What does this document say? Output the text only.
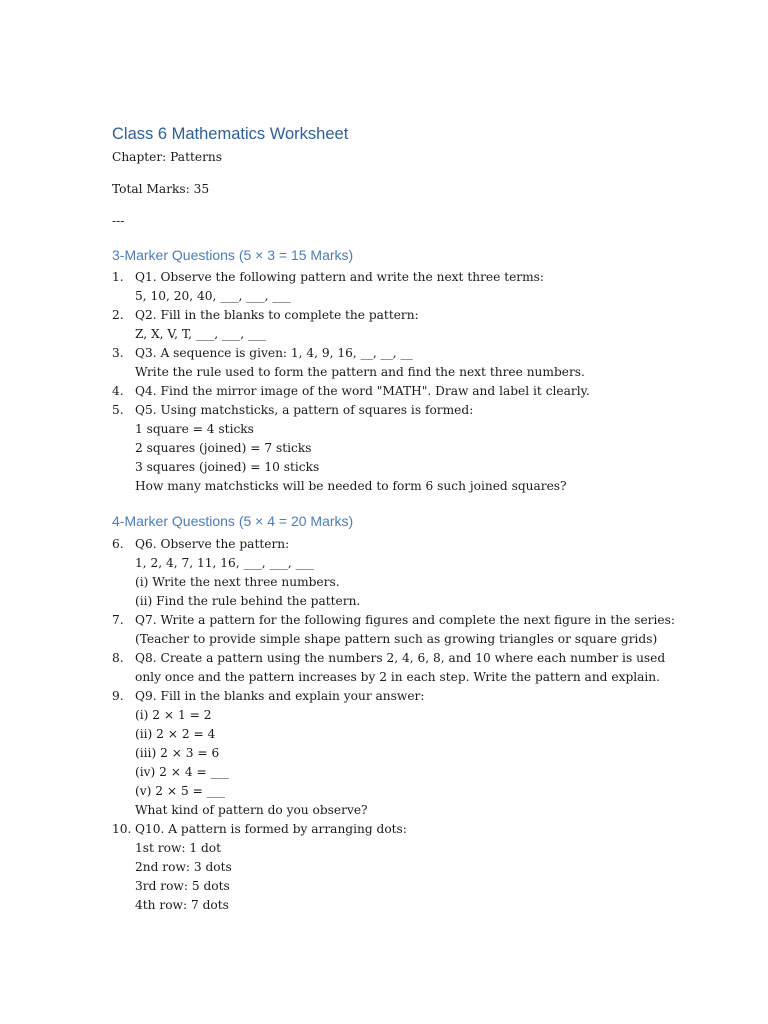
Class 6 Mathematics Worksheet
Chapter: Patterns
Total Marks: 35
---
3-Marker Questions (5 × 3 = 15 Marks)
1. Q1. Observe the following pattern and write the next three terms:
5, 10, 20, 40, ___, ___, ___
2. Q2. Fill in the blanks to complete the pattern:
Z, X, V, T, ___, ___, ___
3. Q3. A sequence is given: 1, 4, 9, 16, __, __, __
Write the rule used to form the pattern and find the next three numbers.
4. Q4. Find the mirror image of the word "MATH". Draw and label it clearly.
5. Q5. Using matchsticks, a pattern of squares is formed:
1 square = 4 sticks
2 squares (joined) = 7 sticks
3 squares (joined) = 10 sticks
How many matchsticks will be needed to form 6 such joined squares?
4-Marker Questions (5 × 4 = 20 Marks)
6. Q6. Observe the pattern:
1, 2, 4, 7, 11, 16, ___, ___, ___
(i) Write the next three numbers.
(ii) Find the rule behind the pattern.
7. Q7. Write a pattern for the following figures and complete the next figure in the series:
(Teacher to provide simple shape pattern such as growing triangles or square grids)
8. Q8. Create a pattern using the numbers 2, 4, 6, 8, and 10 where each number is used
only once and the pattern increases by 2 in each step. Write the pattern and explain.
9. Q9. Fill in the blanks and explain your answer:
(i) 2 × 1 = 2
(ii) 2 × 2 = 4
(iii) 2 × 3 = 6
(iv) 2 × 4 = ___
(v) 2 × 5 = ___
What kind of pattern do you observe?
10. Q10. A pattern is formed by arranging dots:
1st row: 1 dot
2nd row: 3 dots
3rd row: 5 dots
4th row: 7 dots
